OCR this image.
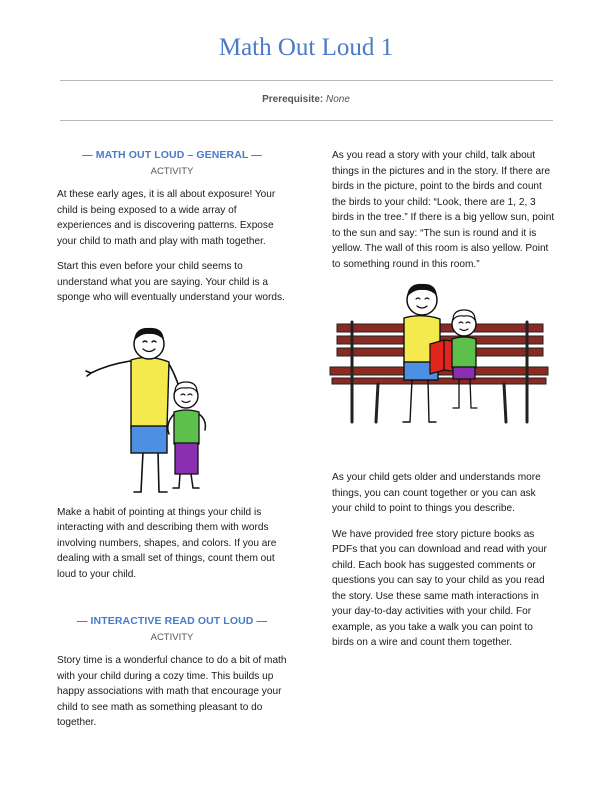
Math Out Loud 1
Prerequisite: None
— MATH OUT LOUD – GENERAL —
ACTIVITY

At these early ages, it is all about exposure! Your child is being exposed to a wide array of experiences and is discovering patterns. Expose your child to math and play with math together.

Start this even before your child seems to understand what you are saying. Your child is a sponge who will eventually understand your words.

Make a habit of pointing at things your child is interacting with and describing them with words involving numbers, shapes, and colors. If you are dealing with a small set of things, count them out loud to your child.

— INTERACTIVE READ OUT LOUD —
ACTIVITY

Story time is a wonderful chance to do a bit of math with your child during a cozy time. This builds up happy associations with math that encourage your child to see math as something pleasant to do together.

As you read a story with your child, talk about things in the pictures and in the story. If there are birds in the picture, point to the birds and count the birds to your child: “Look, there are 1, 2, 3 birds in the tree.” If there is a big yellow sun, point to the sun and say: “The sun is round and it is yellow. The wall of this room is also yellow. Point to something round in this room.”

As your child gets older and understands more things, you can count together or you can ask your child to point to things you describe.

We have provided free story picture books as PDFs that you can download and read with your child. Each book has suggested comments or questions you can say to your child as you read the story. Use these same math interactions in your day-to-day activities with your child. For example, as you take a walk you can point to birds on a wire and count them together.
